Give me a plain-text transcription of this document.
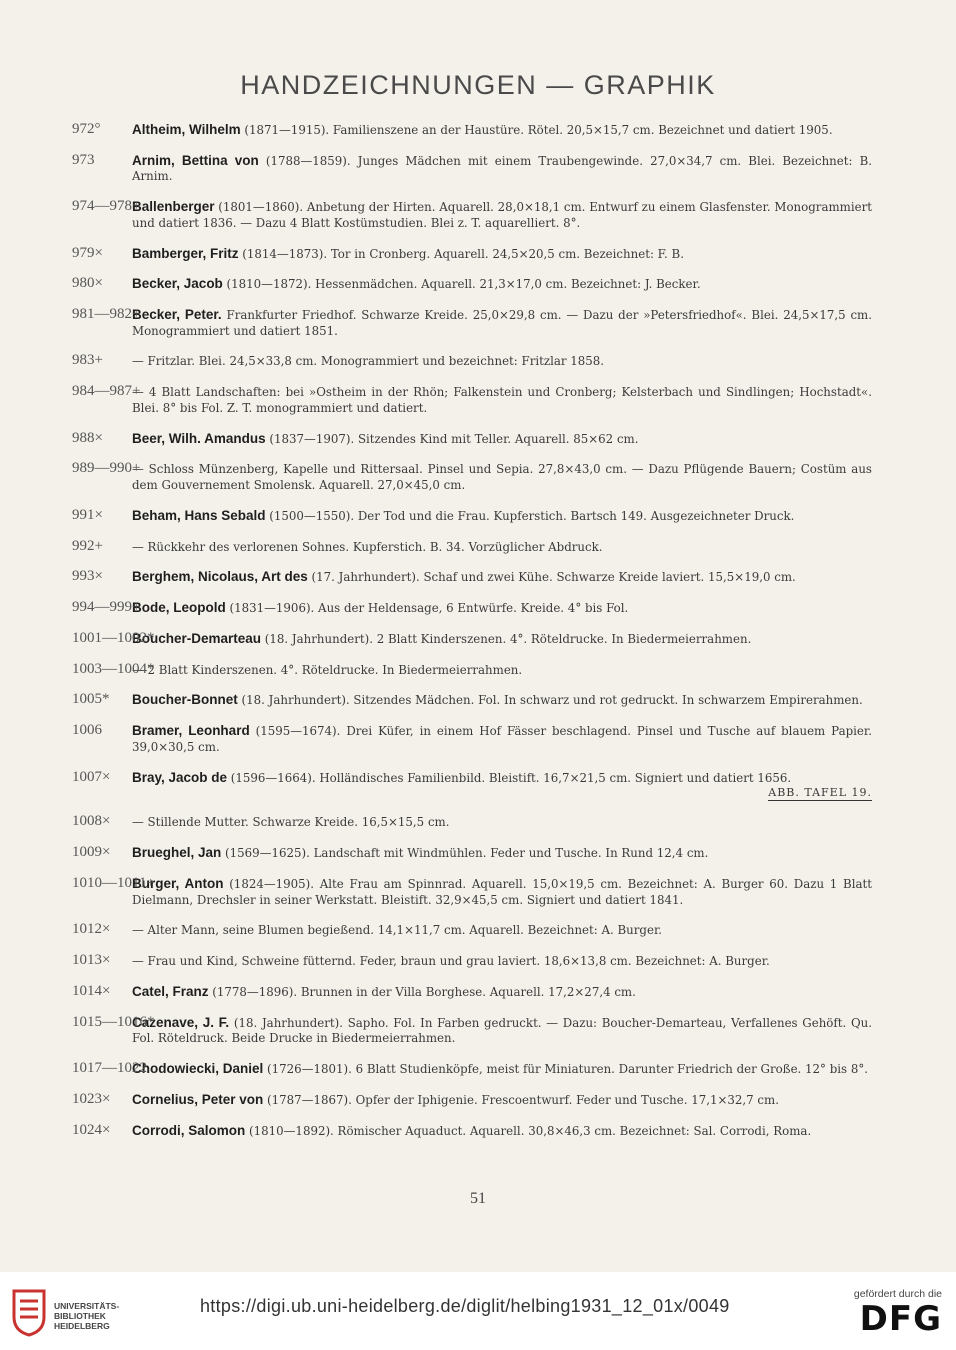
HANDZEICHNUNGEN — GRAPHIK
972° Altheim, Wilhelm (1871—1915). Familienszene an der Haustüre. Rötel. 20,5×15,7 cm. Bezeichnet und datiert 1905.
973	Arnim, Bettina von (1788—1859). Junges Mädchen mit einem Traubengewinde. 27,0×34,7 cm. Blei. Bezeichnet: B. Arnim.
974—978+
Ballenberger (1801—1860). Anbetung der Hirten. Aquarell. 28,0×18,1 cm. Entwurf zu einem Glasfenster. Monogrammiert und datiert 1836. — Dazu 4 Blatt Kostümstudien. Blei z. T. aquarelliert. 8°.
979× Bamberger, Fritz (1814—1873). Tor in Cronberg. Aquarell. 24,5×20,5 cm. Bezeichnet: F. B.
980× Becker, Jacob (1810—1872). Hessenmädchen. Aquarell. 21,3×17,0 cm. Bezeichnet: J. Becker.
981—982+
Becker, Peter. Frankfurter Friedhof. Schwarze Kreide. 25,0×29,8 cm. — Dazu der »Petersfriedhof«. Blei. 24,5×17,5 cm. Monogrammiert und datiert 1851.
983+ — Fritzlar. Blei. 24,5×33,8 cm. Monogrammiert und bezeichnet: Fritzlar 1858.
984—987+
— 4 Blatt Landschaften: bei »Ostheim in der Rhön; Falkenstein und Cronberg; Kelsterbach und Sindlingen; Hochstadt«. Blei. 8° bis Fol. Z. T. monogrammiert und datiert.
988× Beer, Wilh. Amandus (1837—1907). Sitzendes Kind mit Teller. Aquarell. 85×62 cm.
989—990+
— Schloss Münzenberg, Kapelle und Rittersaal. Pinsel und Sepia. 27,8×43,0 cm. — Dazu Pflügende Bauern; Costüm aus dem Gouvernement Smolensk. Aquarell. 27,0×45,0 cm.
991× Beham, Hans Sebald (1500—1550). Der Tod und die Frau. Kupferstich. Bartsch 149. Ausgezeichneter Druck.
992+ — Rückkehr des verlorenen Sohnes. Kupferstich. B. 34. Vorzüglicher Abdruck.
993× Berghem, Nicolaus, Art des (17. Jahrhundert). Schaf und zwei Kühe. Schwarze Kreide laviert. 15,5×19,0 cm.
994—999+
Bode, Leopold (1831—1906). Aus der Heldensage, 6 Entwürfe. Kreide. 4° bis Fol.
1001—1002*
Boucher-Demarteau (18. Jahrhundert). 2 Blatt Kinderszenen. 4°. Röteldrucke. In Biedermeierrahmen.
1003—1004*
— 2 Blatt Kinderszenen. 4°. Röteldrucke. In Biedermeierrahmen.
1005* Boucher-Bonnet (18. Jahrhundert). Sitzendes Mädchen. Fol. In schwarz und rot gedruckt. In schwarzem Empirerahmen.
1006 Bramer, Leonhard (1595—1674). Drei Küfer, in einem Hof Fässer beschlagend. Pinsel und Tusche auf blauem Papier. 39,0×30,5 cm.
1007× Bray, Jacob de (1596—1664). Holländisches Familienbild. Bleistift. 16,7×21,5 cm. Signiert und datiert 1656.
ABB. TAFEL 19.
1008× — Stillende Mutter. Schwarze Kreide. 16,5×15,5 cm.
1009× Brueghel, Jan (1569—1625). Landschaft mit Windmühlen. Feder und Tusche. In Rund 12,4 cm.
1010—1011+
Burger, Anton (1824—1905). Alte Frau am Spinnrad. Aquarell. 15,0×19,5 cm. Bezeichnet: A. Burger 60. Dazu 1 Blatt Dielmann, Drechsler in seiner Werkstatt. Bleistift. 32,9×45,5 cm. Signiert und datiert 1841.
1012× — Alter Mann, seine Blumen begießend. 14,1×11,7 cm. Aquarell. Bezeichnet: A. Burger.
1013× — Frau und Kind, Schweine fütternd. Feder, braun und grau laviert. 18,6×13,8 cm. Bezeichnet: A. Burger.
1014× Catel, Franz (1778—1896). Brunnen in der Villa Borghese. Aquarell. 17,2×27,4 cm.
1015—1016*
Cazenave, J. F. (18. Jahrhundert). Sapho. Fol. In Farben gedruckt. — Dazu: Boucher-Demarteau, Verfallenes Gehöft. Qu. Fol. Röteldruck. Beide Drucke in Biedermeierrahmen.
1017—1022
Chodowiecki, Daniel (1726—1801). 6 Blatt Studienköpfe, meist für Miniaturen. Darunter Friedrich der Große. 12° bis 8°.
1023× Cornelius, Peter von (1787—1867). Opfer der Iphigenie. Frescoentwurf. Feder und Tusche. 17,1×32,7 cm.
1024× Corrodi, Salomon (1810—1892). Römischer Aquaduct. Aquarell. 30,8×46,3 cm. Bezeichnet: Sal. Corrodi, Roma.
51
UNIVERSITÄTS-
BIBLIOTHEK
HEIDELBERG
https://digi.ub.uni-heidelberg.de/diglit/helbing1931_12_01x/0049
gefördert durch die
DFG
